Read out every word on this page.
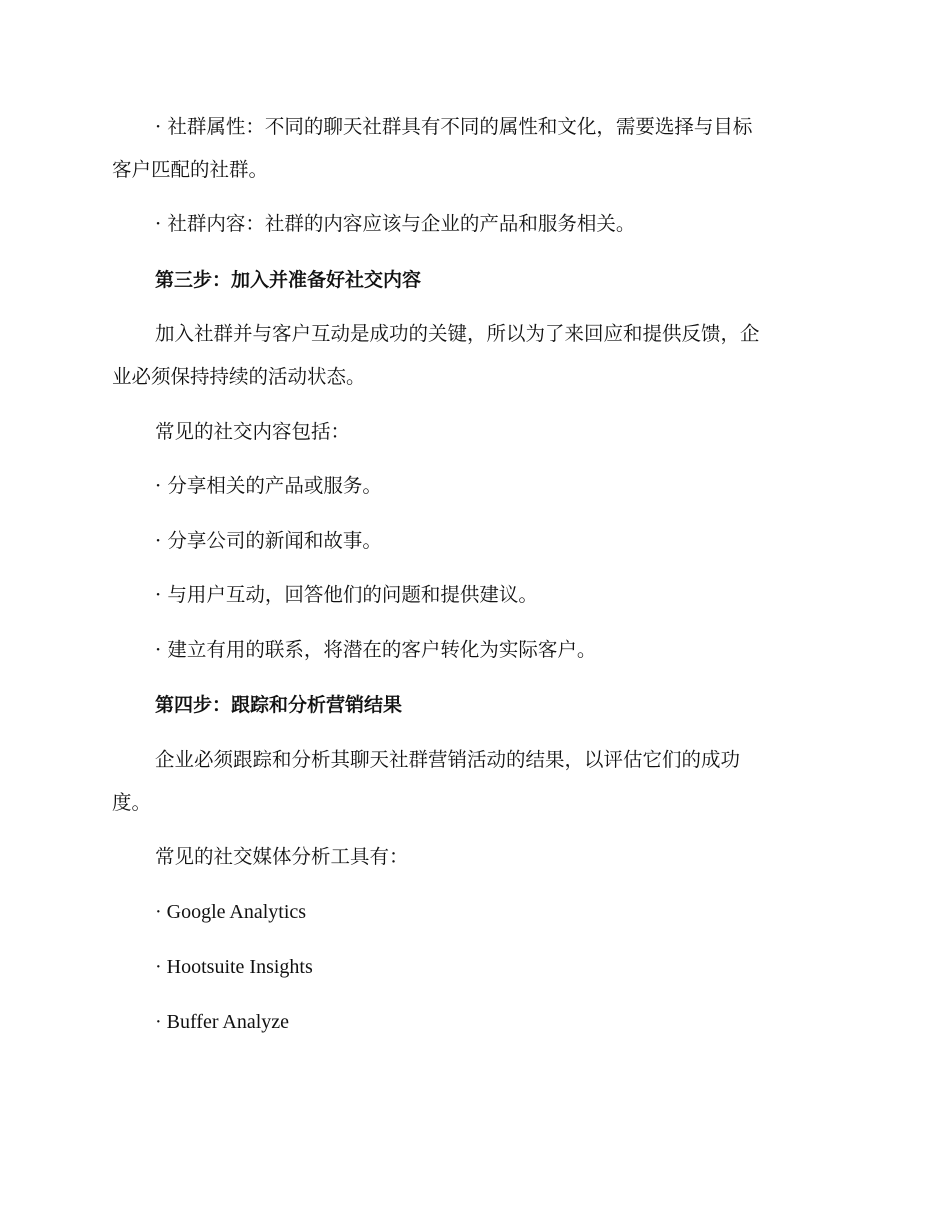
· 社群属性：不同的聊天社群具有不同的属性和文化，需要选择与目标
客户匹配的社群。
· 社群内容：社群的内容应该与企业的产品和服务相关。
第三步：加入并准备好社交内容
加入社群并与客户互动是成功的关键，所以为了来回应和提供反馈，企
业必须保持持续的活动状态。
常见的社交内容包括：
· 分享相关的产品或服务。
· 分享公司的新闻和故事。
· 与用户互动，回答他们的问题和提供建议。
· 建立有用的联系，将潜在的客户转化为实际客户。
第四步：跟踪和分析营销结果
企业必须跟踪和分析其聊天社群营销活动的结果，以评估它们的成功
度。
常见的社交媒体分析工具有：
· Google Analytics
· Hootsuite Insights
· Buffer Analyze
